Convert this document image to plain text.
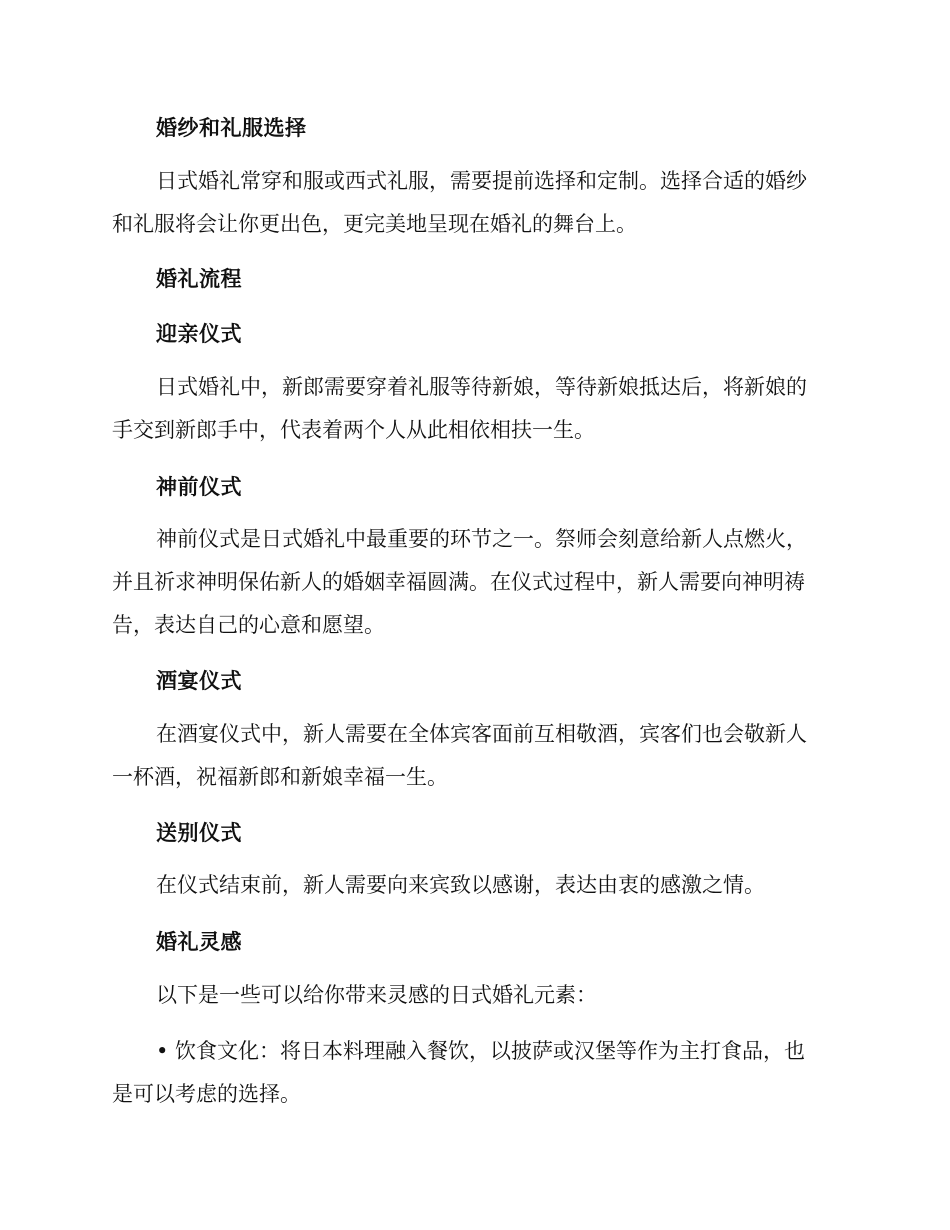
婚纱和礼服选择
日式婚礼常穿和服或西式礼服，需要提前选择和定制。选择合适的婚纱
和礼服将会让你更出色，更完美地呈现在婚礼的舞台上。
婚礼流程
迎亲仪式
日式婚礼中，新郎需要穿着礼服等待新娘，等待新娘抵达后，将新娘的
手交到新郎手中，代表着两个人从此相依相扶一生。
神前仪式
神前仪式是日式婚礼中最重要的环节之一。祭师会刻意给新人点燃火，
并且祈求神明保佑新人的婚姻幸福圆满。在仪式过程中，新人需要向神明祷
告，表达自己的心意和愿望。
酒宴仪式
在酒宴仪式中，新人需要在全体宾客面前互相敬酒，宾客们也会敬新人
一杯酒，祝福新郎和新娘幸福一生。
送别仪式
在仪式结束前，新人需要向来宾致以感谢，表达由衷的感激之情。
婚礼灵感
以下是一些可以给你带来灵感的日式婚礼元素：
• 饮食文化：将日本料理融入餐饮，以披萨或汉堡等作为主打食品，也
是可以考虑的选择。
